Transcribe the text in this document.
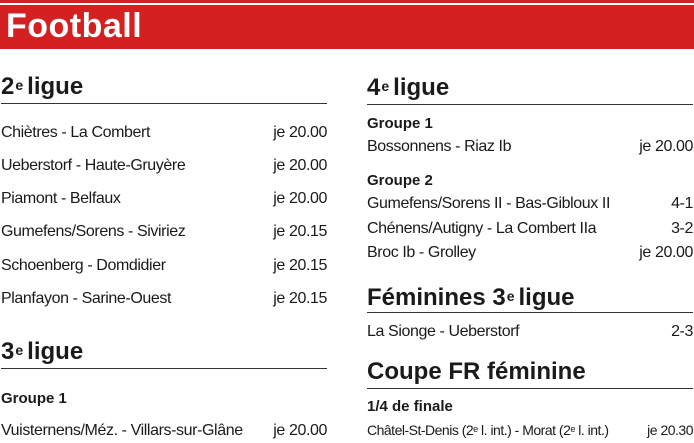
Football
2e ligue
Chiètres - La Combert	je 20.00
Ueberstorf - Haute-Gruyère	je 20.00
Piamont - Belfaux	je 20.00
Gumefens/Sorens - Siviriez	je 20.15
Schoenberg - Domdidier	je 20.15
Planfayon - Sarine-Ouest	je 20.15
3e ligue
Groupe 1
Vuisternens/Méz. - Villars-sur-Glâne je 20.00
4e ligue
Groupe 1
Bossonnens - Riaz Ib	je 20.00
Groupe 2
Gumefens/Sorens II - Bas-Gibloux II	4-1
Chénens/Autigny - La Combert IIa	3-2
Broc Ib - Grolley	je 20.00
Féminines 3e ligue
La Sionge - Ueberstorf	2-3
Coupe FR féminine
1/4 de finale
Châtel-St-Denis (2e l. int.) - Morat (2e l. int.)	je 20.30
